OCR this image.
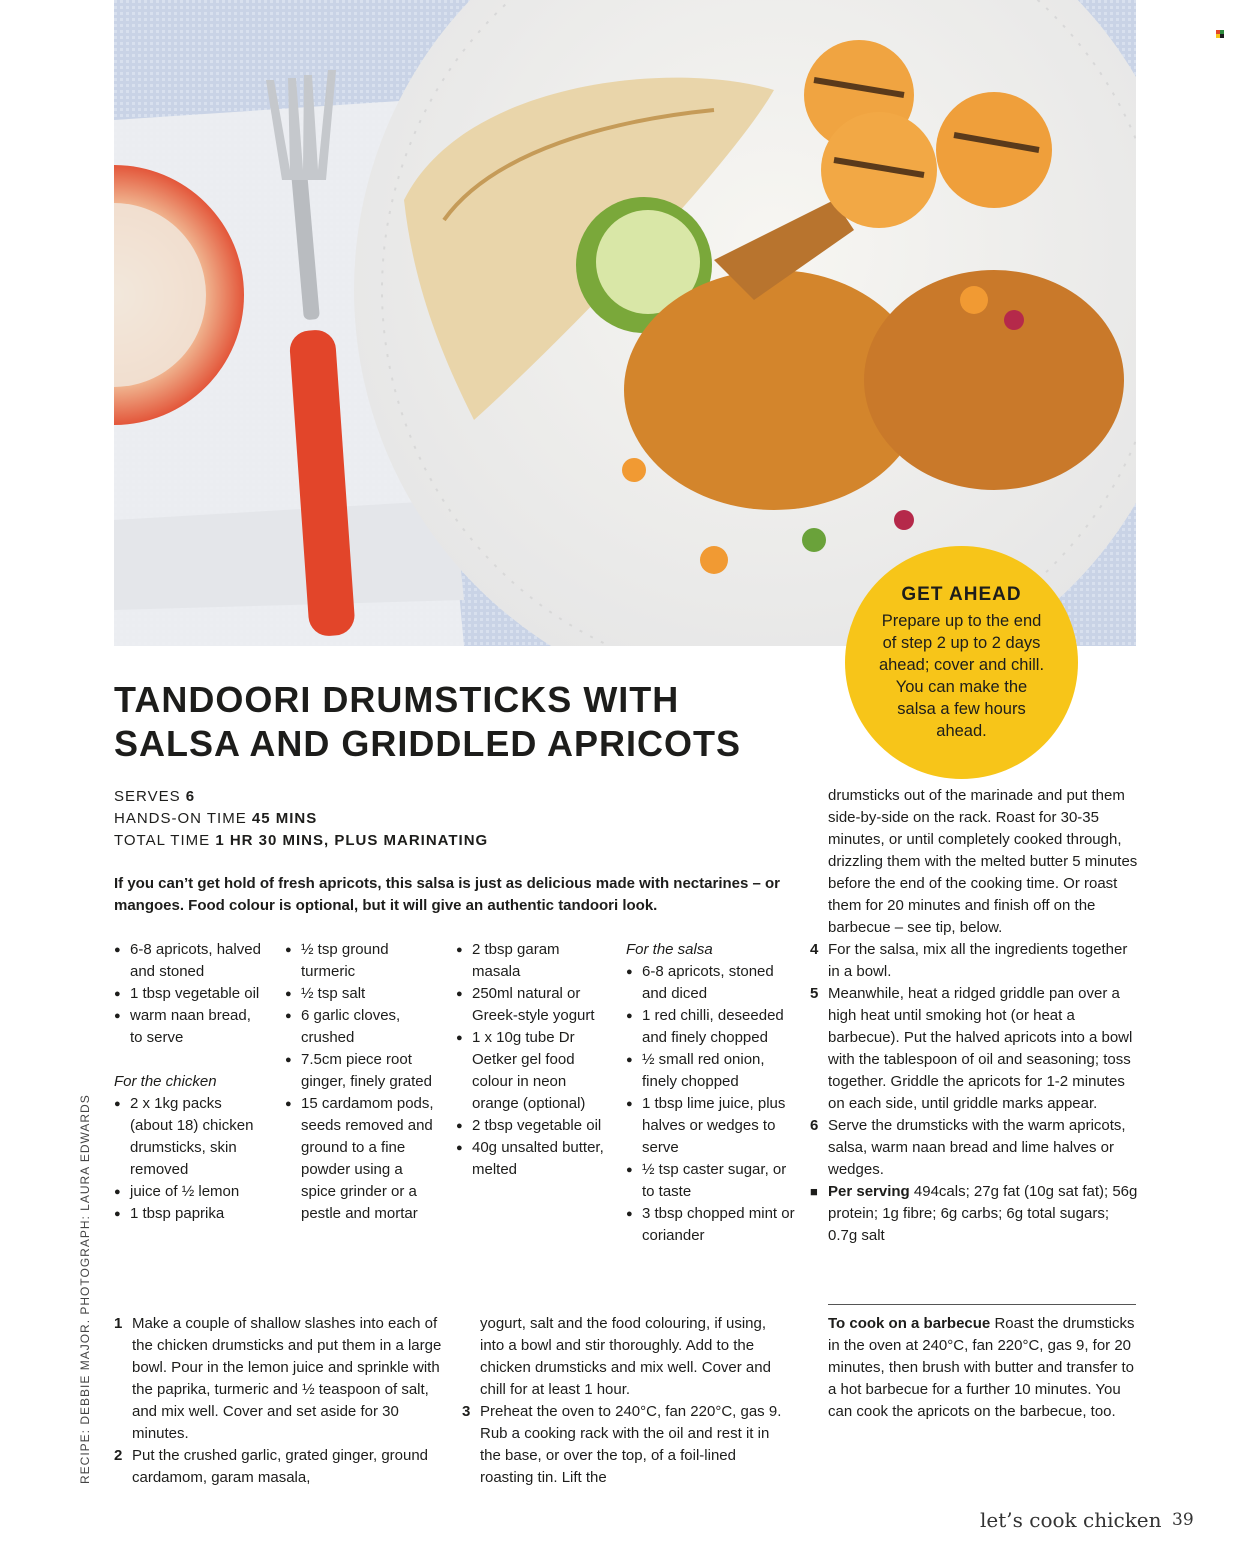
GET AHEAD

Prepare up to the end
of step 2 up to 2 days
ahead; cover and chill.
You can make the
salsa a few hours
ahead.

TANDOORI DRUMSTICKS WITH
SALSA AND GRIDDLED APRICOTS
SERVES 6
HANDS-ON TIME 45 MINS
TOTAL TIME 1 HR 30 MINS, PLUS MARINATING
If you can’t get hold of fresh apricots, this salsa is just as delicious made with nectarines – or mangoes. Food colour is optional, but it will give an authentic tandoori look.
● 6-8 apricots, halved and stoned
● 1 tbsp vegetable oil
● warm naan bread, to serve
For the chicken
● 2 x 1kg packs (about 18) chicken drumsticks, skin removed
● juice of ½ lemon
● 1 tbsp paprika
● ½ tsp ground turmeric
● ½ tsp salt
● 6 garlic cloves, crushed
● 7.5cm piece root ginger, finely grated
● 15 cardamom pods, seeds removed and ground to a fine powder using a spice grinder or a pestle and mortar
● 2 tbsp garam masala
● 250ml natural or Greek-style yogurt
● 1 x 10g tube Dr Oetker gel food colour in neon orange (optional)
● 2 tbsp vegetable oil
● 40g unsalted butter, melted
For the salsa
● 6-8 apricots, stoned and diced
● 1 red chilli, deseeded and finely chopped
● ½ small red onion, finely chopped
● 1 tbsp lime juice, plus halves or wedges to serve
● ½ tsp caster sugar, or to taste
● 3 tbsp chopped mint or coriander
1 Make a couple of shallow slashes into each of the chicken drumsticks and put them in a large bowl. Pour in the lemon juice and sprinkle with the paprika, turmeric and ½ teaspoon of salt, and mix well. Cover and set aside for 30 minutes.
2 Put the crushed garlic, grated ginger, ground cardamom, garam masala,
yogurt, salt and the food colouring, if using, into a bowl and stir thoroughly. Add to the chicken drumsticks and mix well. Cover and chill for at least 1 hour.
3 Preheat the oven to 240°C, fan 220°C, gas 9. Rub a cooking rack with the oil and rest it in the base, or over the top, of a foil-lined roasting tin. Lift the
drumsticks out of the marinade and put them side-by-side on the rack. Roast for 30-35 minutes, or until completely cooked through, drizzling them with the melted butter 5 minutes before the end of the cooking time. Or roast them for 20 minutes and finish off on the barbecue – see tip, below.
4 For the salsa, mix all the ingredients together in a bowl.
5 Meanwhile, heat a ridged griddle pan over a high heat until smoking hot (or heat a barbecue). Put the halved apricots into a bowl with the tablespoon of oil and seasoning; toss together. Griddle the apricots for 1-2 minutes on each side, until griddle marks appear.
6 Serve the drumsticks with the warm apricots, salsa, warm naan bread and lime halves or wedges.
■ Per serving 494cals; 27g fat (10g sat fat); 56g protein; 1g fibre; 6g carbs; 6g total sugars; 0.7g salt
To cook on a barbecue Roast the drumsticks in the oven at 240°C, fan 220°C, gas 9, for 20 minutes, then brush with butter and transfer to a hot barbecue for a further 10 minutes. You can cook the apricots on the barbecue, too.
RECIPE: DEBBIE MAJOR. PHOTOGRAPH: LAURA EDWARDS
let’s cook chicken 39
